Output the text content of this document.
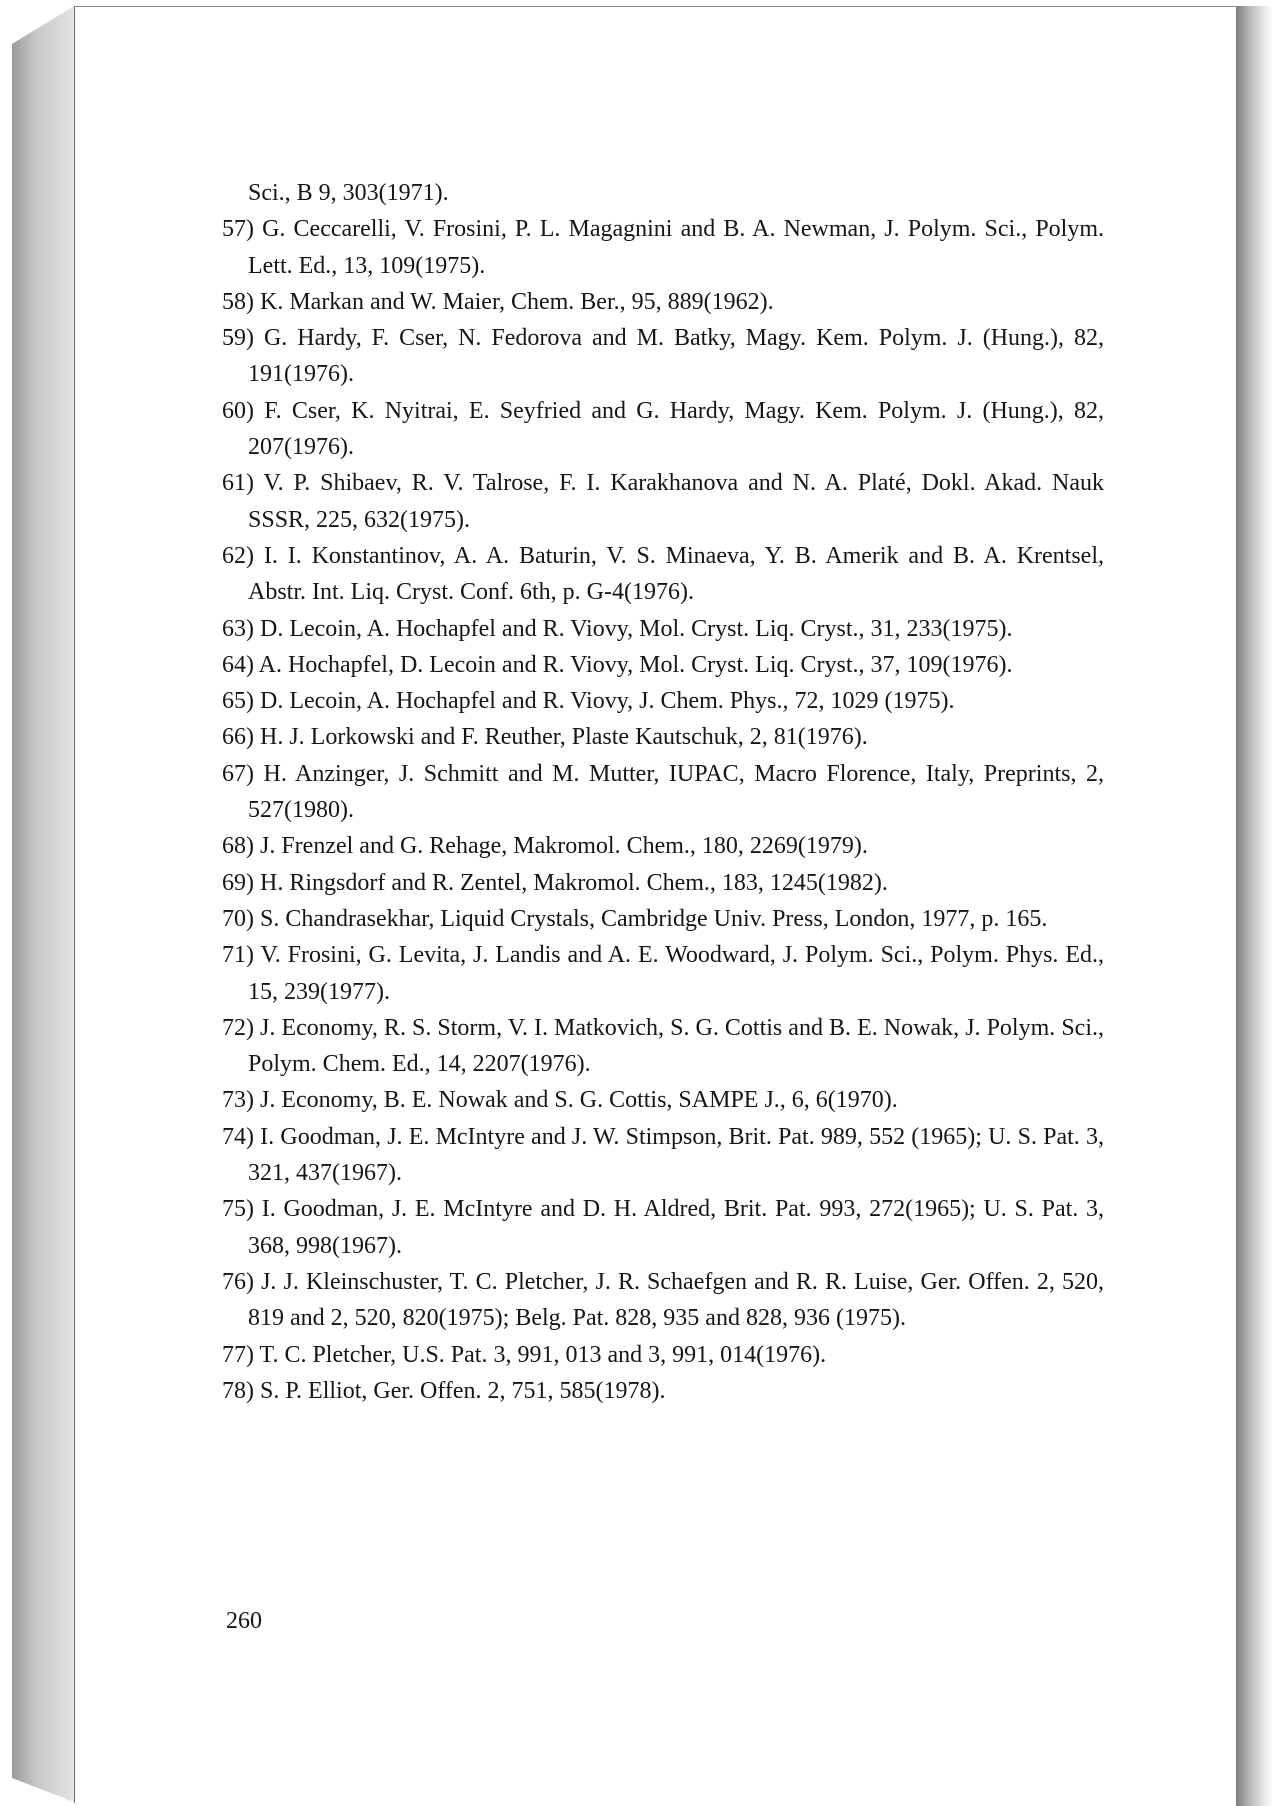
Sci., B 9, 303(1971).

57) G. Ceccarelli, V. Frosini, P. L. Magagnini and B. A. Newman, J. Polym. Sci., Polym. Lett. Ed., 13, 109(1975).

58) K. Markan and W. Maier, Chem. Ber., 95, 889(1962).

59) G. Hardy, F. Cser, N. Fedorova and M. Batky, Magy. Kem. Polym. J. (Hung.), 82, 191(1976).

60) F. Cser, K. Nyitrai, E. Seyfried and G. Hardy, Magy. Kem. Polym. J. (Hung.), 82, 207(1976).

61) V. P. Shibaev, R. V. Talrose, F. I. Karakhanova and N. A. Platé, Dokl. Akad. Nauk SSSR, 225, 632(1975).

62) I. I. Konstantinov, A. A. Baturin, V. S. Minaeva, Y. B. Amerik and B. A. Krentsel, Abstr. Int. Liq. Cryst. Conf. 6th, p. G-4(1976).

63) D. Lecoin, A. Hochapfel and R. Viovy, Mol. Cryst. Liq. Cryst., 31, 233(1975).

64) A. Hochapfel, D. Lecoin and R. Viovy, Mol. Cryst. Liq. Cryst., 37, 109(1976).

65) D. Lecoin, A. Hochapfel and R. Viovy, J. Chem. Phys., 72, 1029 (1975).

66) H. J. Lorkowski and F. Reuther, Plaste Kautschuk, 2, 81(1976).

67) H. Anzinger, J. Schmitt and M. Mutter, IUPAC, Macro Florence, Italy, Preprints, 2, 527(1980).

68) J. Frenzel and G. Rehage, Makromol. Chem., 180, 2269(1979).

69) H. Ringsdorf and R. Zentel, Makromol. Chem., 183, 1245(1982).

70) S. Chandrasekhar, Liquid Crystals, Cambridge Univ. Press, London, 1977, p. 165.

71) V. Frosini, G. Levita, J. Landis and A. E. Woodward, J. Polym. Sci., Polym. Phys. Ed., 15, 239(1977).

72) J. Economy, R. S. Storm, V. I. Matkovich, S. G. Cottis and B. E. Nowak, J. Polym. Sci., Polym. Chem. Ed., 14, 2207(1976).

73) J. Economy, B. E. Nowak and S. G. Cottis, SAMPE J., 6, 6(1970).

74) I. Goodman, J. E. McIntyre and J. W. Stimpson, Brit. Pat. 989, 552 (1965); U. S. Pat. 3, 321, 437(1967).

75) I. Goodman, J. E. McIntyre and D. H. Aldred, Brit. Pat. 993, 272(1965); U. S. Pat. 3, 368, 998(1967).

76) J. J. Kleinschuster, T. C. Pletcher, J. R. Schaefgen and R. R. Luise, Ger. Offen. 2, 520, 819 and 2, 520, 820(1975); Belg. Pat. 828, 935 and 828, 936 (1975).

77) T. C. Pletcher, U.S. Pat. 3, 991, 013 and 3, 991, 014(1976).

78) S. P. Elliot, Ger. Offen. 2, 751, 585(1978).

260
